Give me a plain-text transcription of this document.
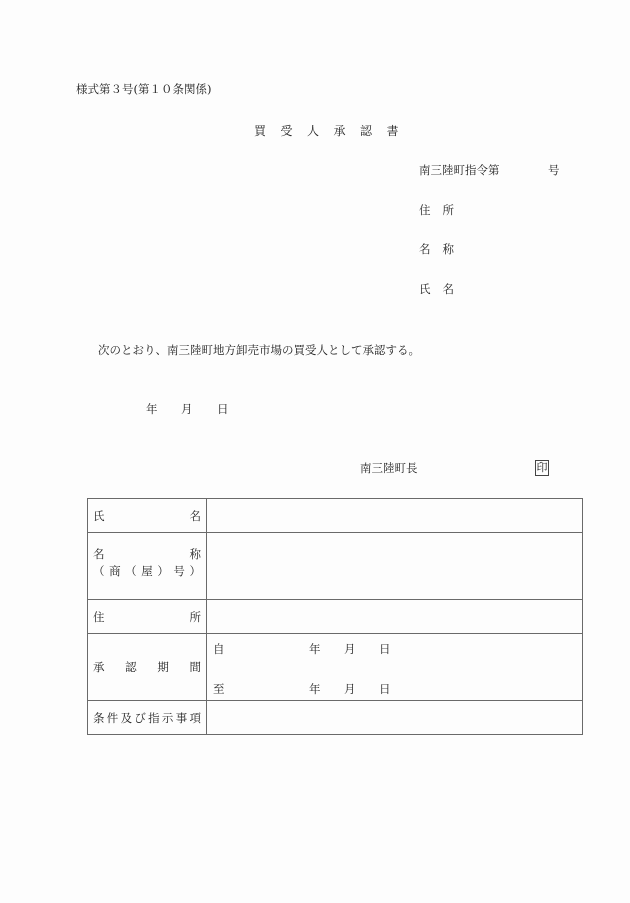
様式第３号(第１０条関係)
買	受	人	承	認	書
南三陸町指令第	号
住 所
名 称
氏 名
次のとおり、南三陸町地方卸売市場の買受人として承認する。
年 月 日
南三陸町長	印
氏 名	

名	称
（ 商 （ 屋 ） 号 ）

住 所	

承 認 期 間

自	年 月 日
至	年 月 日

条 件 及 び 指 示 事 項
